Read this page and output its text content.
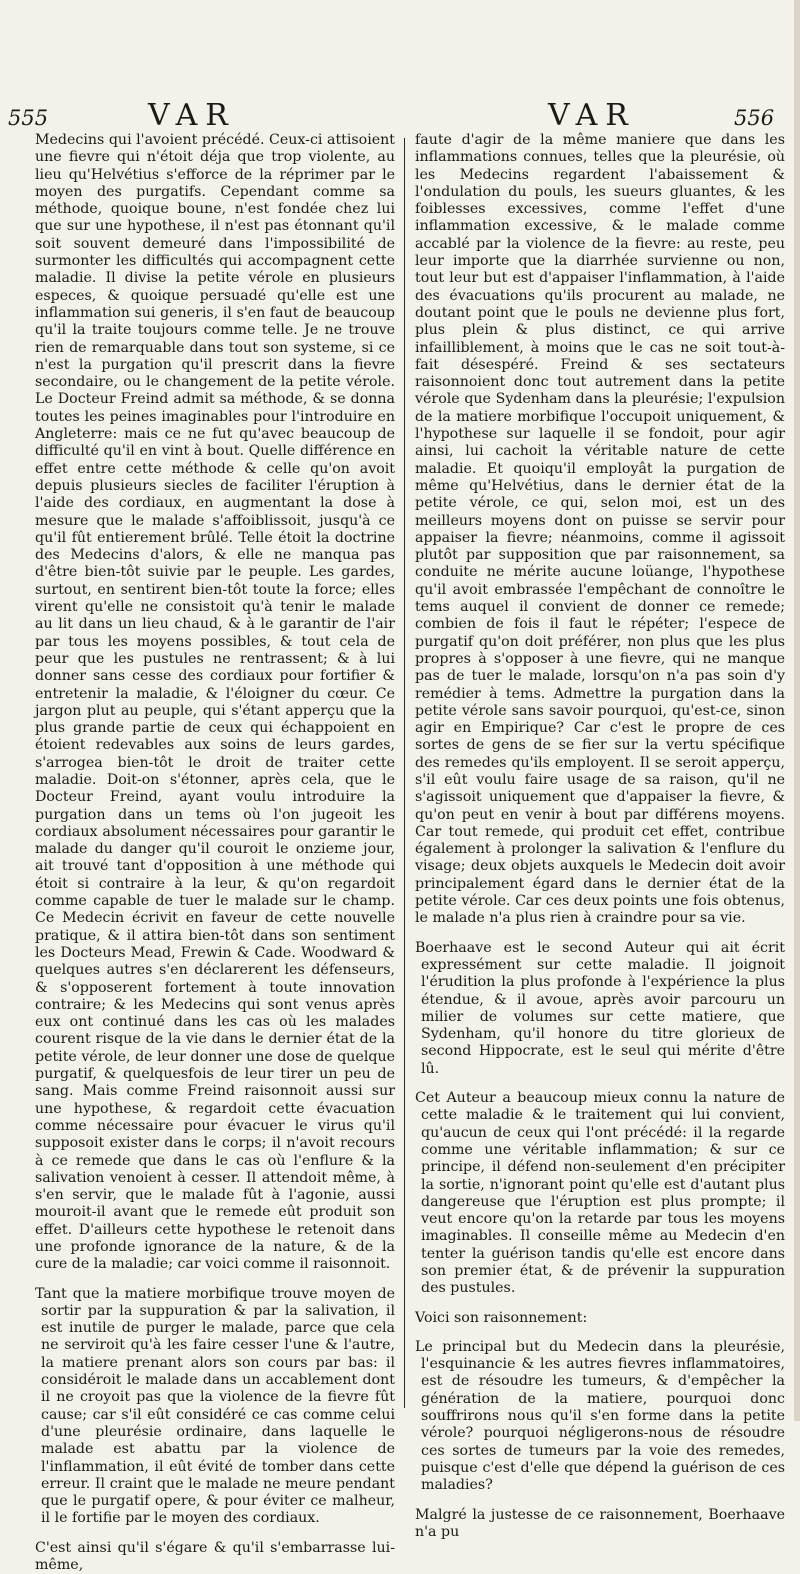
555	VAR	VAR	556

Medecins qui l'avoient précédé. Ceux-ci attisoient une fievre qui n'étoit déja que trop violente, au lieu qu'Helvétius s'efforce de la réprimer par le moyen des purgatifs. Cependant comme sa méthode, quoique boune, n'est fondée chez lui que sur une hypothese, il n'est pas étonnant qu'il soit souvent demeuré dans l'impossibilité de surmonter les difficultés qui accompagnent cette maladie. Il divise la petite vérole en plusieurs especes, & quoique persuadé qu'elle est une inflammation sui generis, il s'en faut de beaucoup qu'il la traite toujours comme telle. Je ne trouve rien de remarquable dans tout son systeme, si ce n'est la purgation qu'il prescrit dans la fievre secondaire, ou le changement de la petite vérole. Le Docteur Freind admit sa méthode, & se donna toutes les peines imaginables pour l'introduire en Angleterre: mais ce ne fut qu'avec beaucoup de difficulté qu'il en vint à bout. Quelle différence en effet entre cette méthode & celle qu'on avoit depuis plusieurs siecles de faciliter l'éruption à l'aide des cordiaux, en augmentant la dose à mesure que le malade s'affoiblissoit, jusqu'à ce qu'il fût entierement brûlé. Telle étoit la doctrine des Medecins d'alors, & elle ne manqua pas d'être bien-tôt suivie par le peuple. Les gardes, surtout, en sentirent bien-tôt toute la force; elles virent qu'elle ne consistoit qu'à tenir le malade au lit dans un lieu chaud, & à le garantir de l'air par tous les moyens possibles, & tout cela de peur que les pustules ne rentrassent; & à lui donner sans cesse des cordiaux pour fortifier & entretenir la maladie, & l'éloigner du cœur. Ce jargon plut au peuple, qui s'étant apperçu que la plus grande partie de ceux qui échappoient en étoient redevables aux soins de leurs gardes, s'arrogea bien-tôt le droit de traiter cette maladie. Doit-on s'étonner, après cela, que le Docteur Freind, ayant voulu introduire la purgation dans un tems où l'on jugeoit les cordiaux absolument nécessaires pour garantir le malade du danger qu'il couroit le onzieme jour, ait trouvé tant d'opposition à une méthode qui étoit si contraire à la leur, & qu'on regardoit comme capable de tuer le malade sur le champ. Ce Medecin écrivit en faveur de cette nouvelle pratique, & il attira bien-tôt dans son sentiment les Docteurs Mead, Frewin & Cade. Woodward & quelques autres s'en déclarerent les défenseurs, & s'opposerent fortement à toute innovation contraire; & les Medecins qui sont venus après eux ont continué dans les cas où les malades courent risque de la vie dans le dernier état de la petite vérole, de leur donner une dose de quelque purgatif, & quelquesfois de leur tirer un peu de sang. Mais comme Freind raisonnoit aussi sur une hypothese, & regardoit cette évacuation comme nécessaire pour évacuer le virus qu'il supposoit exister dans le corps; il n'avoit recours à ce remede que dans le cas où l'enflure & la salivation venoient à cesser. Il attendoit même, à s'en servir, que le malade fût à l'agonie, aussi mouroit-il avant que le remede eût produit son effet. D'ailleurs cette hypothese le retenoit dans une profonde ignorance de la nature, & de la cure de la maladie; car voici comme il raisonnoit.

Tant que la matiere morbifique trouve moyen de sortir par la suppuration & par la salivation, il est inutile de purger le malade, parce que cela ne serviroit qu'à les faire cesser l'une & l'autre, la matiere prenant alors son cours par bas: il considéroit le malade dans un accablement dont il ne croyoit pas que la violence de la fievre fût cause; car s'il eût considéré ce cas comme celui d'une pleurésie ordinaire, dans laquelle le malade est abattu par la violence de l'inflammation, il eût évité de tomber dans cette erreur. Il craint que le malade ne meure pendant que le purgatif opere, & pour éviter ce malheur, il le fortifie par le moyen des cordiaux.

C'est ainsi qu'il s'égare & qu'il s'embarrasse lui-même,

faute d'agir de la même maniere que dans les inflammations connues, telles que la pleurésie, où les Medecins regardent l'abaissement & l'ondulation du pouls, les sueurs gluantes, & les foiblesses excessives, comme l'effet d'une inflammation excessive, & le malade comme accablé par la violence de la fievre: au reste, peu leur importe que la diarrhée survienne ou non, tout leur but est d'appaiser l'inflammation, à l'aide des évacuations qu'ils procurent au malade, ne doutant point que le pouls ne devienne plus fort, plus plein & plus distinct, ce qui arrive infailliblement, à moins que le cas ne soit tout-à-fait désespéré. Freind & ses sectateurs raisonnoient donc tout autrement dans la petite vérole que Sydenham dans la pleurésie; l'expulsion de la matiere morbifique l'occupoit uniquement, & l'hypothese sur laquelle il se fondoit, pour agir ainsi, lui cachoit la véritable nature de cette maladie. Et quoiqu'il employât la purgation de même qu'Helvétius, dans le dernier état de la petite vérole, ce qui, selon moi, est un des meilleurs moyens dont on puisse se servir pour appaiser la fievre; néanmoins, comme il agissoit plutôt par supposition que par raisonnement, sa conduite ne mérite aucune loüange, l'hypothese qu'il avoit embrassée l'empêchant de connoître le tems auquel il convient de donner ce remede; combien de fois il faut le répéter; l'espece de purgatif qu'on doit préférer, non plus que les plus propres à s'opposer à une fievre, qui ne manque pas de tuer le malade, lorsqu'on n'a pas soin d'y remédier à tems. Admettre la purgation dans la petite vérole sans savoir pourquoi, qu'est-ce, sinon agir en Empirique? Car c'est le propre de ces sortes de gens de se fier sur la vertu spécifique des remedes qu'ils employent. Il se seroit apperçu, s'il eût voulu faire usage de sa raison, qu'il ne s'agissoit uniquement que d'appaiser la fievre, & qu'on peut en venir à bout par différens moyens. Car tout remede, qui produit cet effet, contribue également à prolonger la salivation & l'enflure du visage; deux objets auxquels le Medecin doit avoir principalement égard dans le dernier état de la petite vérole. Car ces deux points une fois obtenus, le malade n'a plus rien à craindre pour sa vie.

Boerhaave est le second Auteur qui ait écrit expressément sur cette maladie. Il joignoit l'érudition la plus profonde à l'expérience la plus étendue, & il avoue, après avoir parcouru un milier de volumes sur cette matiere, que Sydenham, qu'il honore du titre glorieux de second Hippocrate, est le seul qui mérite d'être lû.

Cet Auteur a beaucoup mieux connu la nature de cette maladie & le traitement qui lui convient, qu'aucun de ceux qui l'ont précédé: il la regarde comme une véritable inflammation; & sur ce principe, il défend non-seulement d'en précipiter la sortie, n'ignorant point qu'elle est d'autant plus dangereuse que l'éruption est plus prompte; il veut encore qu'on la retarde par tous les moyens imaginables. Il conseille même au Medecin d'en tenter la guérison tandis qu'elle est encore dans son premier état, & de prévenir la suppuration des pustules.

Voici son raisonnement:

Le principal but du Medecin dans la pleurésie, l'esquinancie & les autres fievres inflammatoires, est de résoudre les tumeurs, & d'empêcher la génération de la matiere, pourquoi donc souffrirons nous qu'il s'en forme dans la petite vérole? pourquoi négligerons-nous de résoudre ces sortes de tumeurs par la voie des remedes, puisque c'est d'elle que dépend la guérison de ces maladies?

Malgré la justesse de ce raisonnement, Boerhaave n'a pu
